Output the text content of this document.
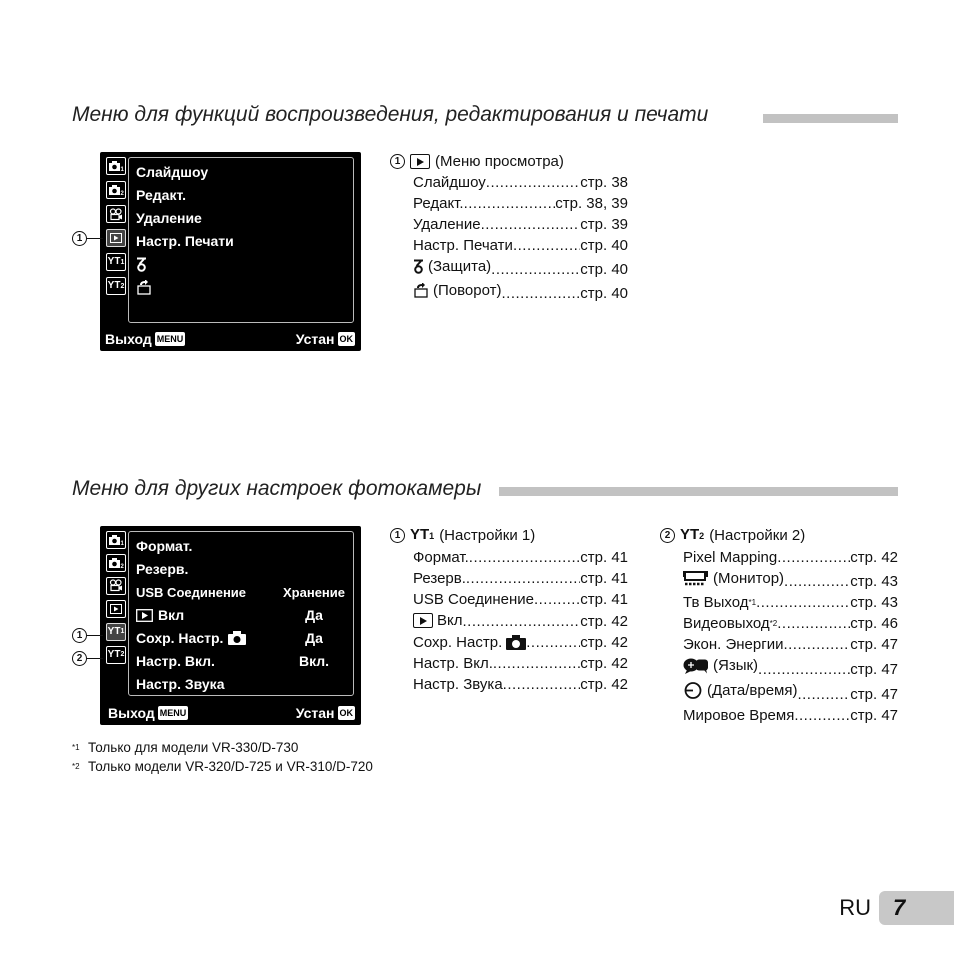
Меню для функций воспроизведения, редактирования и печати
1
2
ΥΤ 1
ΥΤ 2
Слайдшоу
Редакт.
Удаление
Настр. Печати
Выход MENU	Устан OK
1
1	(Меню просмотра)
Слайдшоу .....	стр. 38
Редакт. .....	стр. 38, 39
Удаление .....	стр. 39
Настр. Печати .....	стр. 40
(Защита) .....	стр. 40
(Поворот) .....	стр. 40
Меню для других настроек фотокамеры
1
2
ΥΤ 1
ΥΤ 2
Формат.
Резерв.
USB Соединение	Хранение
Вкл	Да
Сохр. Настр.	Да
Настр. Вкл.	Вкл.
Настр. Звука
Выход MENU	Устан OK
1
2
1 ΥΤ1 (Настройки 1)
Формат. .....	стр. 41
Резерв. .....	стр. 41
USB Соединение .....	стр. 41
Вкл .....	стр. 42
Сохр. Настр. .....	стр. 42
Настр. Вкл. .....	стр. 42
Настр. Звука .....	стр. 42
2 ΥΤ2 (Настройки 2)
Pixel Mapping .....	стр. 42
(Монитор) .....	стр. 43
Тв Выход *1 .....	стр. 43
Видеовыход *2 .....	стр. 46
Экон. Энергии .....	стр. 47
(Язык) .....	стр. 47
(Дата/время) .....	стр. 47
Мировое Время .....	стр. 47
*1 Только для модели VR-330/D-730
*2 Только модели VR-320/D-725 и VR-310/D-720
RU	7
